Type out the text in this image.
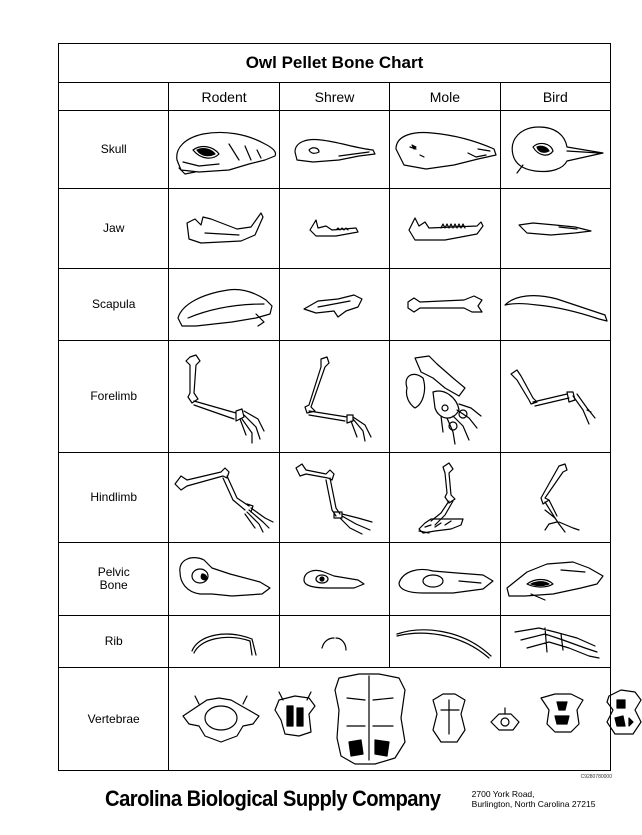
Owl Pellet Bone Chart				
	Rodent	Shrew	Mole	Bird
Skull	

Jaw	

Scapula	

Forelimb	

Hindlimb	

Pelvic
Bone	

Rib	

Vertebrae	
C9280780000
Carolina Biological Supply Company	2700 York Road,
Burlington, North Carolina 27215
